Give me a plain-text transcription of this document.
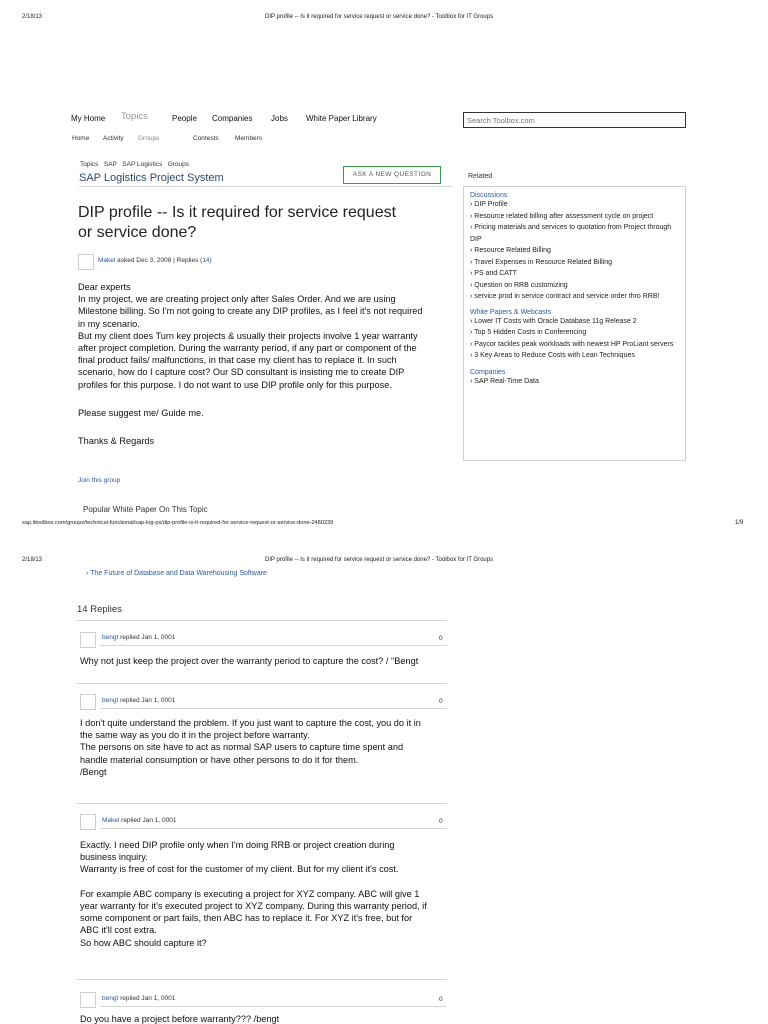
2/18/13	DIP profile -- Is it required for service request or service done? - Toolbox for IT Groups
My Home Topics	People Companies Jobs White Paper Library
Search Toolbox.com
Home Activity Groups	Contests	Members
Topics SAP SAP Logistics Groups
SAP Logistics Project System	ASK A NEW QUESTION
DIP profile -- Is it required for service request
or service done?
Makel asked Dec 3, 2008 | Replies (14)
Dear experts
In my project, we are creating project only after Sales Order. And we are using
Milestone billing. So I'm not going to create any DIP profiles, as I feel it's not required
in my scenario.
But my client does Turn key projects & usually their projects involve 1 year warranty
after project completion. During the warranty period, if any part or component of the
final product fails/ malfunctions, in that case my client has to replace it. In such
scenario, how do I capture cost? Our SD consultant is insisting me to create DIP
profiles for this purpose. I do not want to use DIP profile only for this purpose.
Please suggest me/ Guide me.
Thanks & Regards
Join this group
Popular White Paper On This Topic
Related
Discussions
› DIP Profile
› Resource related billing after assessment cycle on project
› Pricing materials and services to quotation from Project through DIP
› Resource Related Billing
› Travel Expenses in Resource Related Billing
› PS and CATT
› Question on RRB customizing
› service prod in service contract and service order thro RRB!
White Papers & Webcasts
› Lower IT Costs with Oracle Database 11g Release 2
› Top 5 Hidden Costs in Conferencing
› Paycor tackles peak workloads with newest HP ProLiant servers
› 3 Key Areas to Reduce Costs with Lean Techniques
Companies
› SAP Real-Time Data
sap.ittoolbox.com/groups/technical-functional/sap-log-ps/dip-profile-is-it-required-for-service-request-or-service-done-2480239	1/9
2/18/13	DIP profile -- Is it required for service request or service done? - Toolbox for IT Groups
› The Future of Database and Data Warehousing Software
14 Replies
bengt replied Jan 1, 0001	0
Why not just keep the project over the warranty period to capture the cost? / "Bengt
bengt replied Jan 1, 0001	0
I don't quite understand the problem. If you just want to capture the cost, you do it in
the same way as you do it in the project before warranty.
The persons on site have to act as normal SAP users to capture time spent and
handle material consumption or have other persons to do it for them.
/Bengt
Makel replied Jan 1, 0001	0
Exactly. I need DIP profile only when I'm doing RRB or project creation during
business inquiry.
Warranty is free of cost for the customer of my client. But for my client it's cost.
For example ABC company is executing a project for XYZ company. ABC will give 1
year warranty for it's executed project to XYZ company. During this warranty period, if
some component or part fails, then ABC has to replace it. For XYZ it's free, but for
ABC it'll cost extra.
So how ABC should capture it?
bengt replied Jan 1, 0001	0
Do you have a project before warranty??? /bengt
